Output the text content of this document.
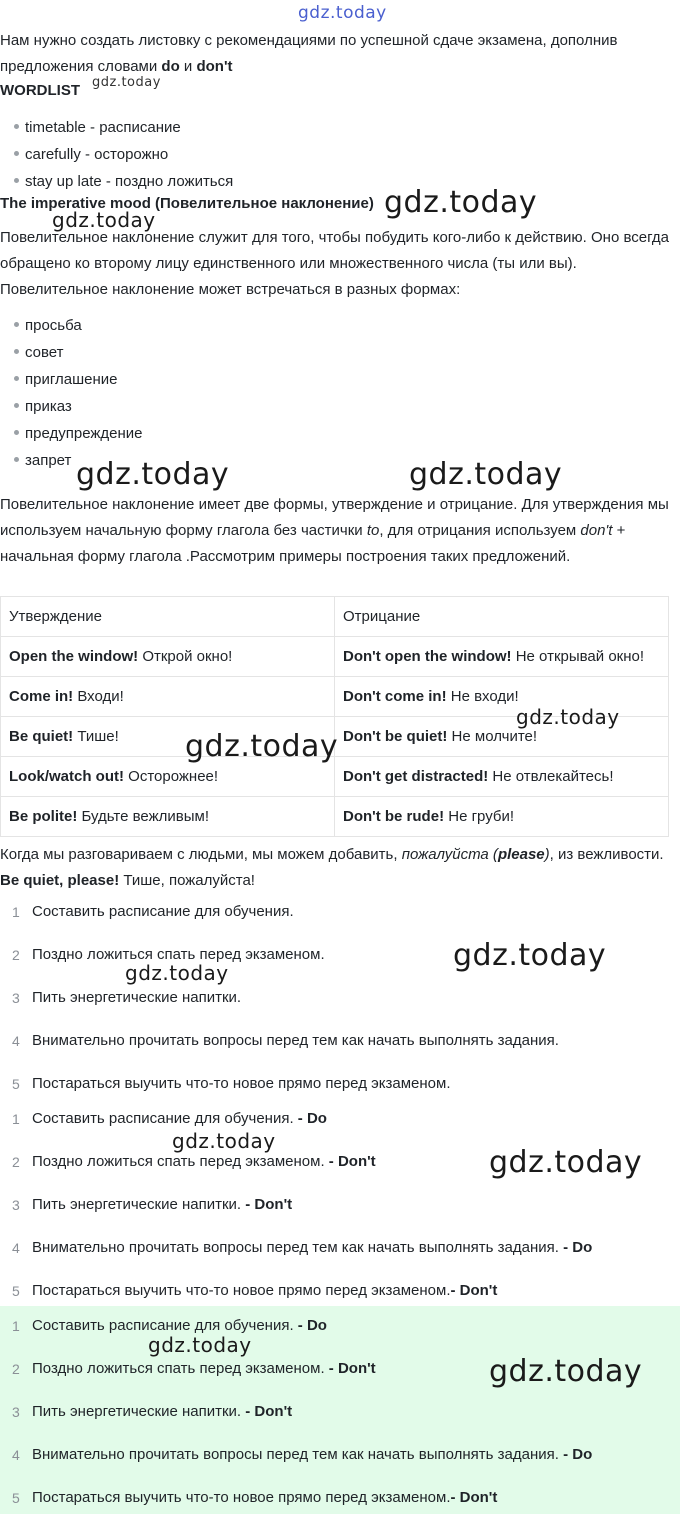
Нам нужно создать листовку с рекомендациями по успешной сдаче экзамена, дополнив предложения словами do и don't

WORDLIST
timetable - расписание
carefully - осторожно
stay up late - поздно ложиться
The imperative mood (Повелительное наклонение)

Повелительное наклонение служит для того, чтобы побудить кого-либо к действию. Оно всегда обращено ко второму лицу единственного или множественного числа (ты или вы). Повелительное наклонение может встречаться в разных формах:

просьба
совет
приглашение
приказ
предупреждение
запрет

Повелительное наклонение имеет две формы, утверждение и отрицание. Для утверждения мы используем начальную форму глагола без частички to, для отрицания используем don't + начальная форму глагола .Рассмотрим примеры построения таких предложений.

Утверждение	Отрицание
Open the window! Открой окно!	Don't open the window! Не открывай окно!
Come in! Входи!	Don't come in! Не входи!
Be quiet! Тише!	Don't be quiet! Не молчите!
Look/watch out! Осторожнее!	Don't get distracted! Не отвлекайтесь!
Be polite! Будьте вежливым!	Don't be rude! Не груби!

Когда мы разговариваем с людьми, мы можем добавить, пожалуйста (please), из вежливости. Be quiet, please! Тише, пожалуйста!

1 Составить расписание для обучения.
2 Поздно ложиться спать перед экзаменом.
3 Пить энергетические напитки.
4 Внимательно прочитать вопросы перед тем как начать выполнять задания.
5 Постараться выучить что-то новое прямо перед экзаменом.
1 Составить расписание для обучения. - Do
2 Поздно ложиться спать перед экзаменом. - Don't
3 Пить энергетические напитки. - Don't
4 Внимательно прочитать вопросы перед тем как начать выполнять задания. - Do
5 Постараться выучить что-то новое прямо перед экзаменом.- Don't
1 Составить расписание для обучения. - Do
2 Поздно ложиться спать перед экзаменом. - Don't
3 Пить энергетические напитки. - Don't
4 Внимательно прочитать вопросы перед тем как начать выполнять задания. - Do
5 Постараться выучить что-то новое прямо перед экзаменом.- Don't
gdz.today
gdz.today
gdz.today
gdz.today
gdz.today	gdz.today
gdz.today
gdz.today
gdz.today
gdz.today
gdz.today
gdz.today
gdz.today
gdz.today
